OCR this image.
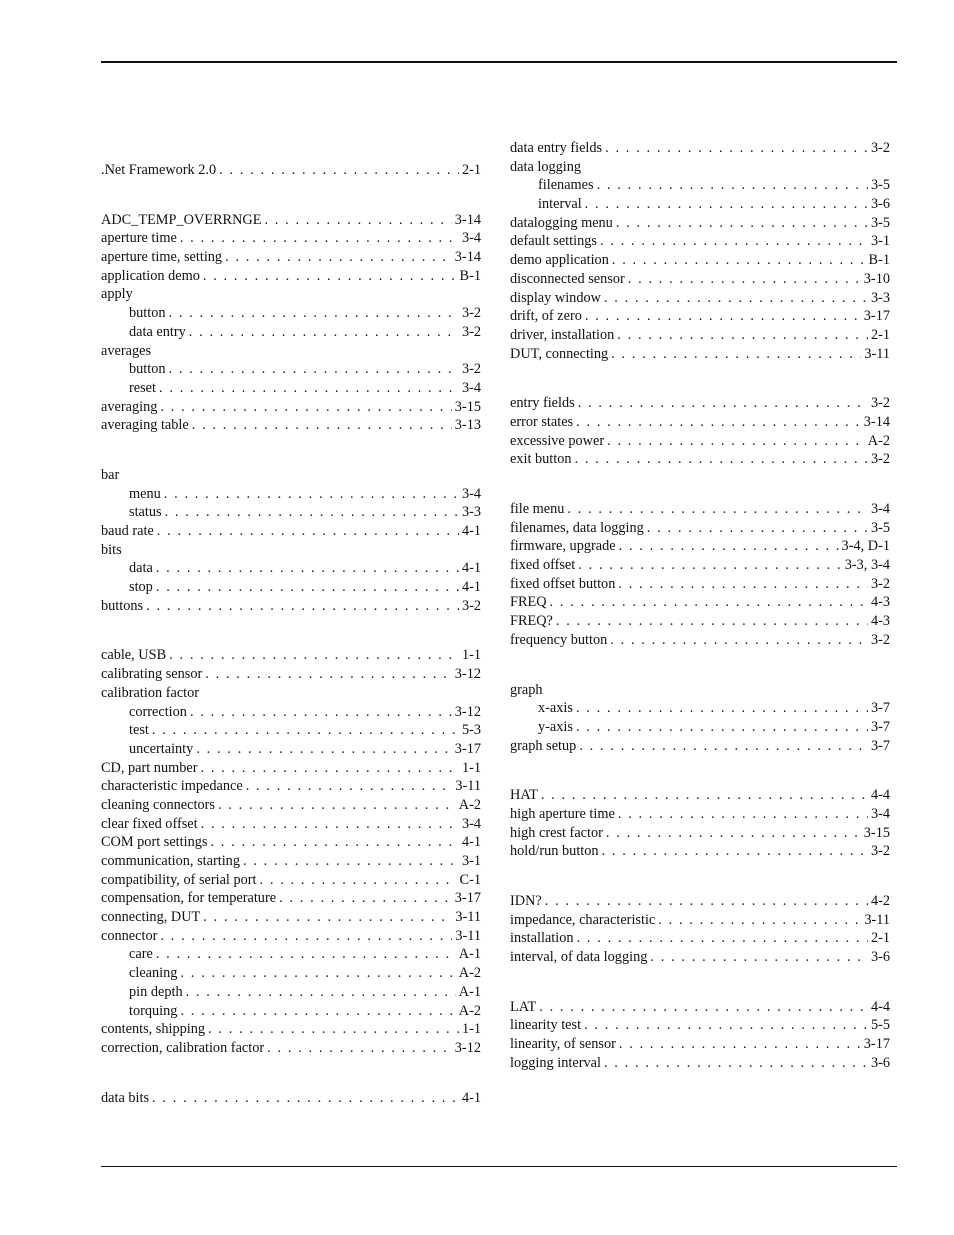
.Net Framework 2.0 . . .	2-1
ADC_TEMP_OVERRNGE . . .	3-14
aperture time . . .	3-4
aperture time, setting . . .	3-14
application demo . . .	B-1
apply
button . . .	3-2
data entry . . .	3-2
averages
button . . .	3-2
reset . . .	3-4
averaging . . .	3-15
averaging table . . .	3-13
bar
menu . . .	3-4
status . . .	3-3
baud rate . . .	4-1
bits
data . . .	4-1
stop . . .	4-1
buttons . . .	3-2
cable, USB . . .	1-1
calibrating sensor . . .	3-12
calibration factor
correction . . .	3-12
test . . .	5-3
uncertainty . . .	3-17
CD, part number . . .	1-1
characteristic impedance . . .	3-11
cleaning connectors . . .	A-2
clear fixed offset . . .	3-4
COM port settings . . .	4-1
communication, starting . . .	3-1
compatibility, of serial port . . .	C-1
compensation, for temperature . . .	3-17
connecting, DUT . . .	3-11
connector . . .	3-11
care . . .	A-1
cleaning . . .	A-2
pin depth . . .	A-1
torquing . . .	A-2
contents, shipping . . .	1-1
correction, calibration factor . . .	3-12
data bits . . .	4-1
data entry fields . . .	3-2
data logging
filenames . . .	3-5
interval . . .	3-6
datalogging menu . . .	3-5
default settings . . .	3-1
demo application . . .	B-1
disconnected sensor . . .	3-10
display window . . .	3-3
drift, of zero . . .	3-17
driver, installation . . .	2-1
DUT, connecting . . .	3-11
entry fields . . .	3-2
error states . . .	3-14
excessive power . . .	A-2
exit button . . .	3-2
file menu . . .	3-4
filenames, data logging . . .	3-5
firmware, upgrade . . .	3-4, D-1
fixed offset . . .	3-3, 3-4
fixed offset button . . .	3-2
FREQ . . .	4-3
FREQ? . . .	4-3
frequency button . . .	3-2
graph
x-axis . . .	3-7
y-axis . . .	3-7
graph setup . . .	3-7
HAT . . .	4-4
high aperture time . . .	3-4
high crest factor . . .	3-15
hold/run button . . .	3-2
IDN? . . .	4-2
impedance, characteristic . . .	3-11
installation . . .	2-1
interval, of data logging . . .	3-6
LAT . . .	4-4
linearity test . . .	5-5
linearity, of sensor . . .	3-17
logging interval . . .	3-6
